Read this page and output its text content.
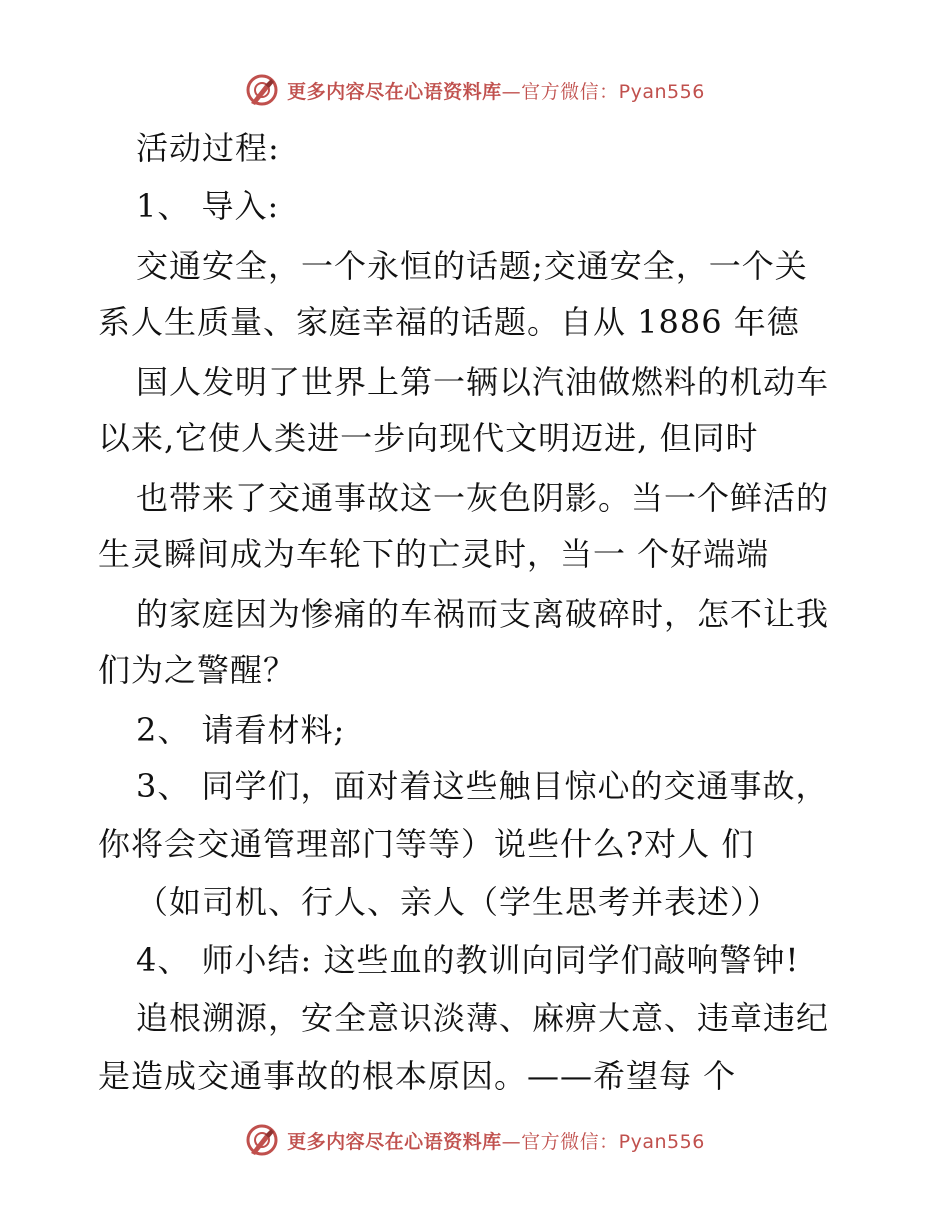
更多内容尽在心语资料库—官方微信：Pyan556
活动过程:
1、 导入:
交通安全，一个永恒的话题;交通安全，一个关
系人生质量、家庭幸福的话题。自从 1886 年德
国人发明了世界上第一辆以汽油做燃料的机动车
以来,它使人类进一步向现代文明迈进, 但同时
也带来了交通事故这一灰色阴影。当一个鲜活的
生灵瞬间成为车轮下的亡灵时，当一 个好端端
的家庭因为惨痛的车祸而支离破碎时，怎不让我
们为之警醒？
2、 请看材料;
3、 同学们，面对着这些触目惊心的交通事故，
你将会交通管理部门等等）说些什么?对人 们
（如司机、行人、亲人（学生思考并表述））
4、 师小结: 这些血的教训向同学们敲响警钟!
追根溯源，安全意识淡薄、麻痹大意、违章违纪
是造成交通事故的根本原因。——希望每 个
更多内容尽在心语资料库—官方微信：Pyan556
